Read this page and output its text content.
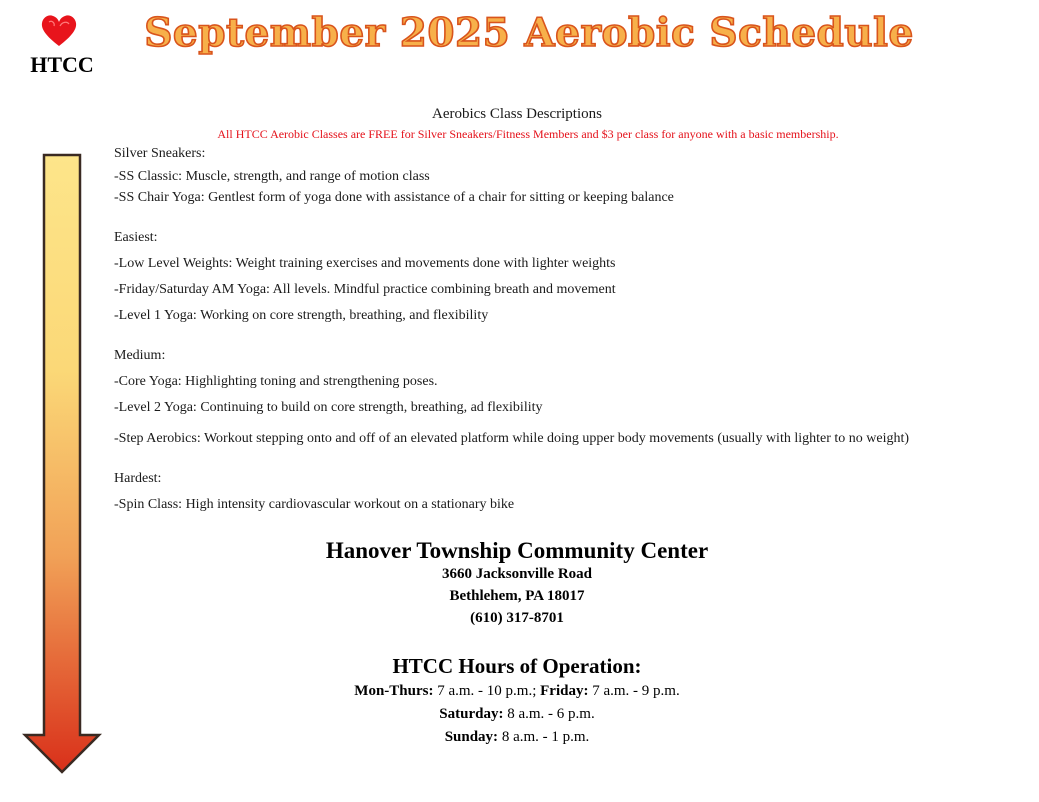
HTCC
September 2025 Aerobic Schedule
Aerobics Class Descriptions
All HTCC Aerobic Classes are FREE for Silver Sneakers/Fitness Members and $3 per class for anyone with a basic membership.
Silver Sneakers:
-SS Classic: Muscle, strength, and range of motion class
-SS Chair Yoga: Gentlest form of yoga done with assistance of a chair for sitting or keeping balance
Easiest:
-Low Level Weights: Weight training exercises and movements done with lighter weights
-Friday/Saturday AM Yoga: All levels. Mindful practice combining breath and movement
-Level 1 Yoga: Working on core strength, breathing, and flexibility
Medium:
-Core Yoga: Highlighting toning and strengthening poses.
-Level 2 Yoga: Continuing to build on core strength, breathing, ad flexibility
-Step Aerobics: Workout stepping onto and off of an elevated platform while doing upper body movements (usually with lighter to no weight)
Hardest:
-Spin Class: High intensity cardiovascular workout on a stationary bike
Hanover Township Community Center
3660 Jacksonville Road
Bethlehem, PA 18017
(610) 317-8701
HTCC Hours of Operation:
Mon-Thurs: 7 a.m. - 10 p.m.; Friday: 7 a.m. - 9 p.m.
Saturday: 8 a.m. - 6 p.m.
Sunday: 8 a.m. - 1 p.m.
